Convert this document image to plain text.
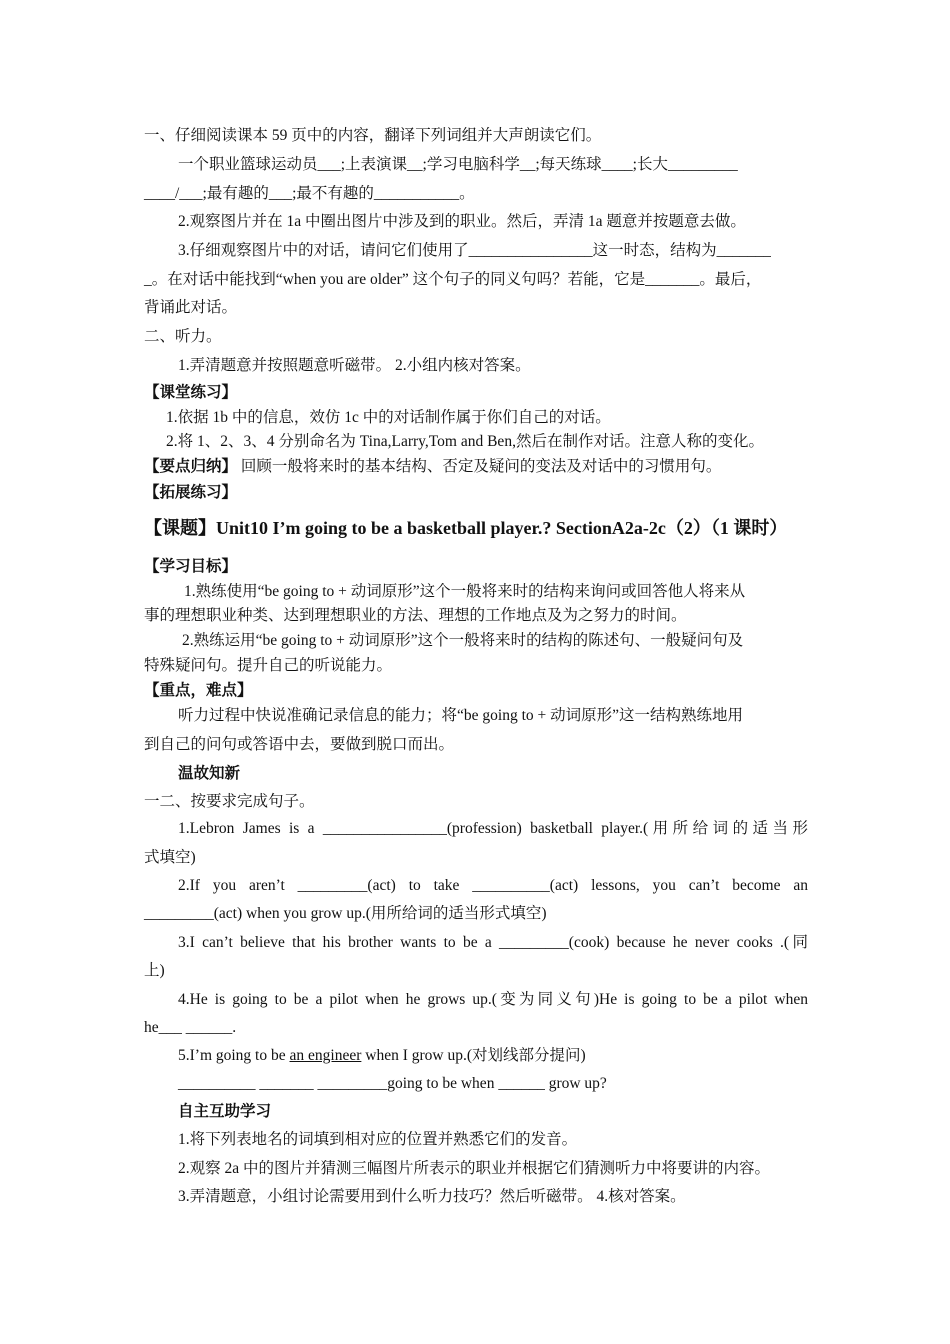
一、仔细阅读课本 59 页中的内容，翻译下列词组并大声朗读它们。
一个职业篮球运动员___;上表演课__;学习电脑科学__;每天练球____;长大_________
____/___;最有趣的___;最不有趣的___________。
2.观察图片并在 1a 中圈出图片中涉及到的职业。然后，弄清 1a 题意并按题意去做。
3.仔细观察图片中的对话，请问它们使用了________________这一时态，结构为_______
_。在对话中能找到“when you are older” 这个句子的同义句吗？若能，它是_______。最后，
背诵此对话。
二、听力。
1.弄清题意并按照题意听磁带。 2.小组内核对答案。
【课堂练习】
1.依据 1b 中的信息，效仿 1c 中的对话制作属于你们自己的对话。
2.将 1、2、3、4 分别命名为 Tina,Larry,Tom and Ben,然后在制作对话。注意人称的变化。
【要点归纳】 回顾一般将来时的基本结构、否定及疑问的变法及对话中的习惯用句。
【拓展练习】
【课题】Unit10 I’m going to be a basketball player.? SectionA2a-2c（2）（1 课时）
【学习目标】
1.熟练使用“be going to + 动词原形”这个一般将来时的结构来询问或回答他人将来从
事的理想职业种类、达到理想职业的方法、理想的工作地点及为之努力的时间。
2.熟练运用“be going to + 动词原形”这个一般将来时的结构的陈述句、一般疑问句及
特殊疑问句。提升自己的听说能力。
【重点，难点】
听力过程中快说准确记录信息的能力；将“be going to + 动词原形”这一结构熟练地用
到自己的问句或答语中去，要做到脱口而出。
温故知新
一二、按要求完成句子。
1.Lebron James is a ________________(profession) basketball player.(用所给词的适当形
式填空)
2.If you aren’t _________(act) to take __________(act) lessons, you can’t become an
_________(act) when you grow up.(用所给词的适当形式填空)
3.I can’t believe that his brother wants to be a _________(cook) because he never cooks .(同
上)
4.He is going to be a pilot when he grows up.(变为同义句)He is going to be a pilot when
he___ ______.
5.I’m going to be an engineer when I grow up.(对划线部分提问)
__________ _______ _________going to be when ______ grow up?
自主互助学习
1.将下列表地名的词填到相对应的位置并熟悉它们的发音。
2.观察 2a 中的图片并猜测三幅图片所表示的职业并根据它们猜测听力中将要讲的内容。
3.弄清题意，小组讨论需要用到什么听力技巧？然后听磁带。 4.核对答案。
